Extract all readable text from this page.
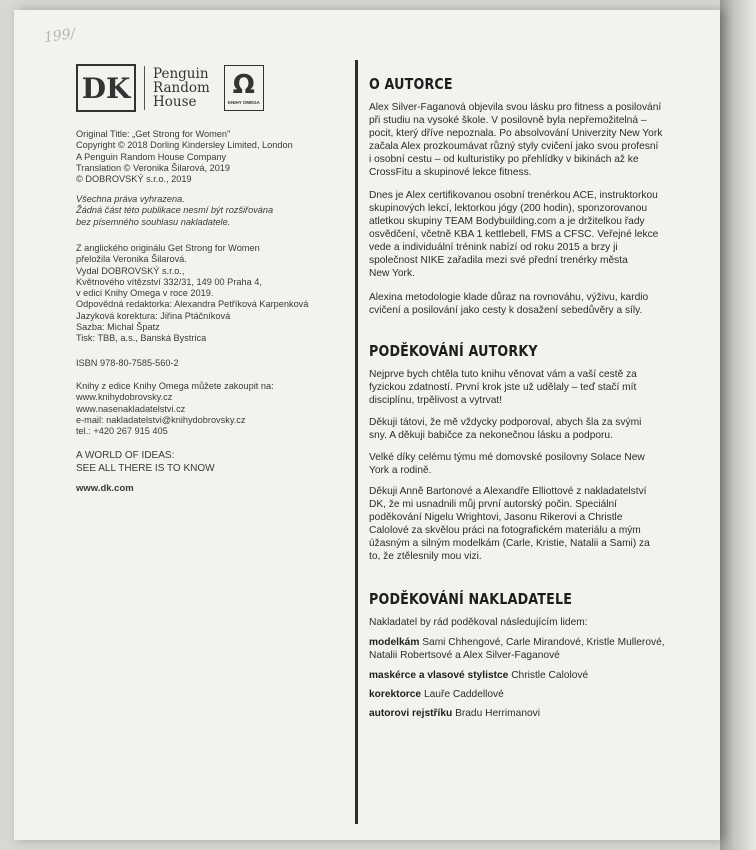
199/
DK	Penguin
Random
House
Ω
KNIHY OMEGA
Original Title: „Get Strong for Women"
Copyright © 2018 Dorling Kindersley Limited, London
A Penguin Random House Company
Translation © Veronika Šilarová, 2019
© DOBROVSKÝ s.r.o., 2019
Všechna práva vyhrazena.
Žádná část této publikace nesmí být rozšiřována
bez písemného souhlasu nakladatele.
Z anglického originálu Get Strong for Women
přeložila Veronika Šilarová.
Vydal DOBROVSKÝ s.r.o.,
Květnového vítězství 332/31, 149 00 Praha 4,
v edici Knihy Omega v roce 2019.
Odpovědná redaktorka: Alexandra Petříková Karpenková
Jazyková korektura: Jiřina Ptáčníková
Sazba: Michal Špatz
Tisk: TBB, a.s., Banská Bystrica
ISBN 978-80-7585-560-2
Knihy z edice Knihy Omega můžete zakoupit na:
www.knihydobrovsky.cz
www.nasenakladatelstvi.cz
e-mail: nakladatelstvi@knihydobrovsky.cz
tel.: +420 267 915 405
A WORLD OF IDEAS:
SEE ALL THERE IS TO KNOW
www.dk.com
O AUTORCE
Alex Silver-Faganová objevila svou lásku pro fitness a posilování
při studiu na vysoké škole. V posilovně byla nepřemožitelná –
pocit, který dříve nepoznala. Po absolvování Univerzity New York
začala Alex prozkoumávat různý styly cvičení jako svou profesní
i osobní cestu – od kulturistiky po přehlídky v bikinách až ke
CrossFitu a skupinové lekce fitness.
Dnes je Alex certifikovanou osobní trenérkou ACE, instruktorkou
skupinových lekcí, lektorkou jógy (200 hodin), sponzorovanou
atletkou skupiny TEAM Bodybuilding.com a je držitelkou řady
osvědčení, včetně KBA 1 kettlebell, FMS a CFSC. Veřejné lekce
vede a individuální trénink nabízí od roku 2015 a brzy ji
společnost NIKE zařadila mezi své přední trenérky města
New York.
Alexina metodologie klade důraz na rovnováhu, výživu, kardio
cvičení a posilování jako cesty k dosažení sebedůvěry a síly.
PODĚKOVÁNÍ AUTORKY
Nejprve bych chtěla tuto knihu věnovat vám a vaší cestě za
fyzickou zdatností. První krok jste už udělaly – teď stačí mít
disciplínu, trpělivost a vytrvat!
Děkuji tátovi, že mě vždycky podporoval, abych šla za svými
sny. A děkuji babičce za nekonečnou lásku a podporu.
Velké díky celému týmu mé domovské posilovny Solace New
York a rodině.
Děkuji Anně Bartonové a Alexandře Elliottové z nakladatelství
DK, že mi usnadnili můj první autorský počin. Speciální
poděkování Nigelu Wrightovi, Jasonu Rikerovi a Christle
Calolové za skvělou práci na fotografickém materiálu a mým
úžasným a silným modelkám (Carle, Kristie, Natalii a Sami) za
to, že ztělesnily mou vizi.
PODĚKOVÁNÍ NAKLADATELE
Nakladatel by rád poděkoval následujícím lidem:
modelkám Sami Chhengové, Carle Mirandové, Kristle Mullerové,
Natalii Robertsové a Alex Silver-Faganové
maskérce a vlasové stylistce Christle Calolové
korektorce Lauře Caddellové
autorovi rejstříku Bradu Herrimanovi
